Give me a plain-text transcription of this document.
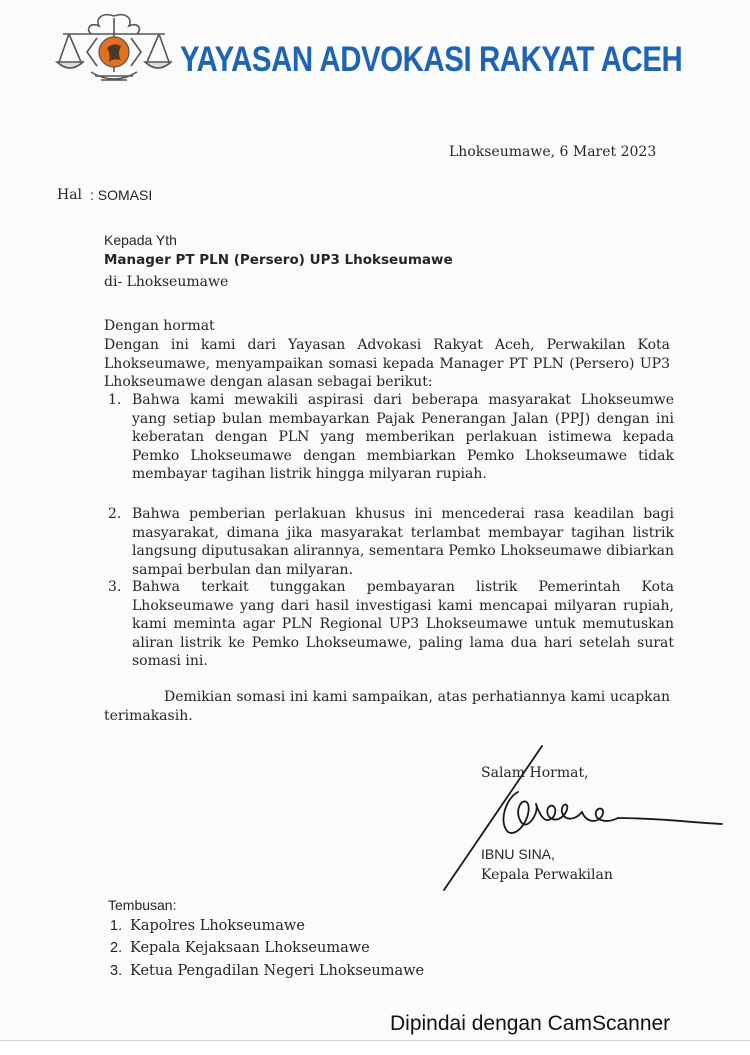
YAYASAN ADVOKASI RAKYAT ACEH
Lhokseumawe, 6 Maret 2023
Hal : SOMASI
Kepada Yth
Manager PT PLN (Persero) UP3 Lhokseumawe
di- Lhokseumawe
Dengan hormat
Dengan ini kami dari Yayasan Advokasi Rakyat Aceh, Perwakilan Kota Lhokseumawe, menyampaikan somasi kepada Manager PT PLN (Persero) UP3 Lhokseumawe dengan alasan sebagai berikut:
1. Bahwa kami mewakili aspirasi dari beberapa masyarakat Lhokseumwe yang setiap bulan membayarkan Pajak Penerangan Jalan (PPJ) dengan ini keberatan dengan PLN yang memberikan perlakuan istimewa kepada Pemko Lhokseumawe dengan membiarkan Pemko Lhokseumawe tidak membayar tagihan listrik hingga milyaran rupiah.
2. Bahwa pemberian perlakuan khusus ini mencederai rasa keadilan bagi masyarakat, dimana jika masyarakat terlambat membayar tagihan listrik langsung diputusakan alirannya, sementara Pemko Lhokseumawe dibiarkan sampai berbulan dan milyaran.
3. Bahwa terkait tunggakan pembayaran listrik Pemerintah Kota Lhokseumawe yang dari hasil investigasi kami mencapai milyaran rupiah, kami meminta agar PLN Regional UP3 Lhokseumawe untuk memutuskan aliran listrik ke Pemko Lhokseumawe, paling lama dua hari setelah surat somasi ini.
Demikian somasi ini kami sampaikan, atas perhatiannya kami ucapkan terimakasih.
Salam Hormat,
IBNU SINA,
Kepala Perwakilan
Tembusan:
1. Kapolres Lhokseumawe
2. Kepala Kejaksaan Lhokseumawe
3. Ketua Pengadilan Negeri Lhokseumawe
Dipindai dengan CamScanner
